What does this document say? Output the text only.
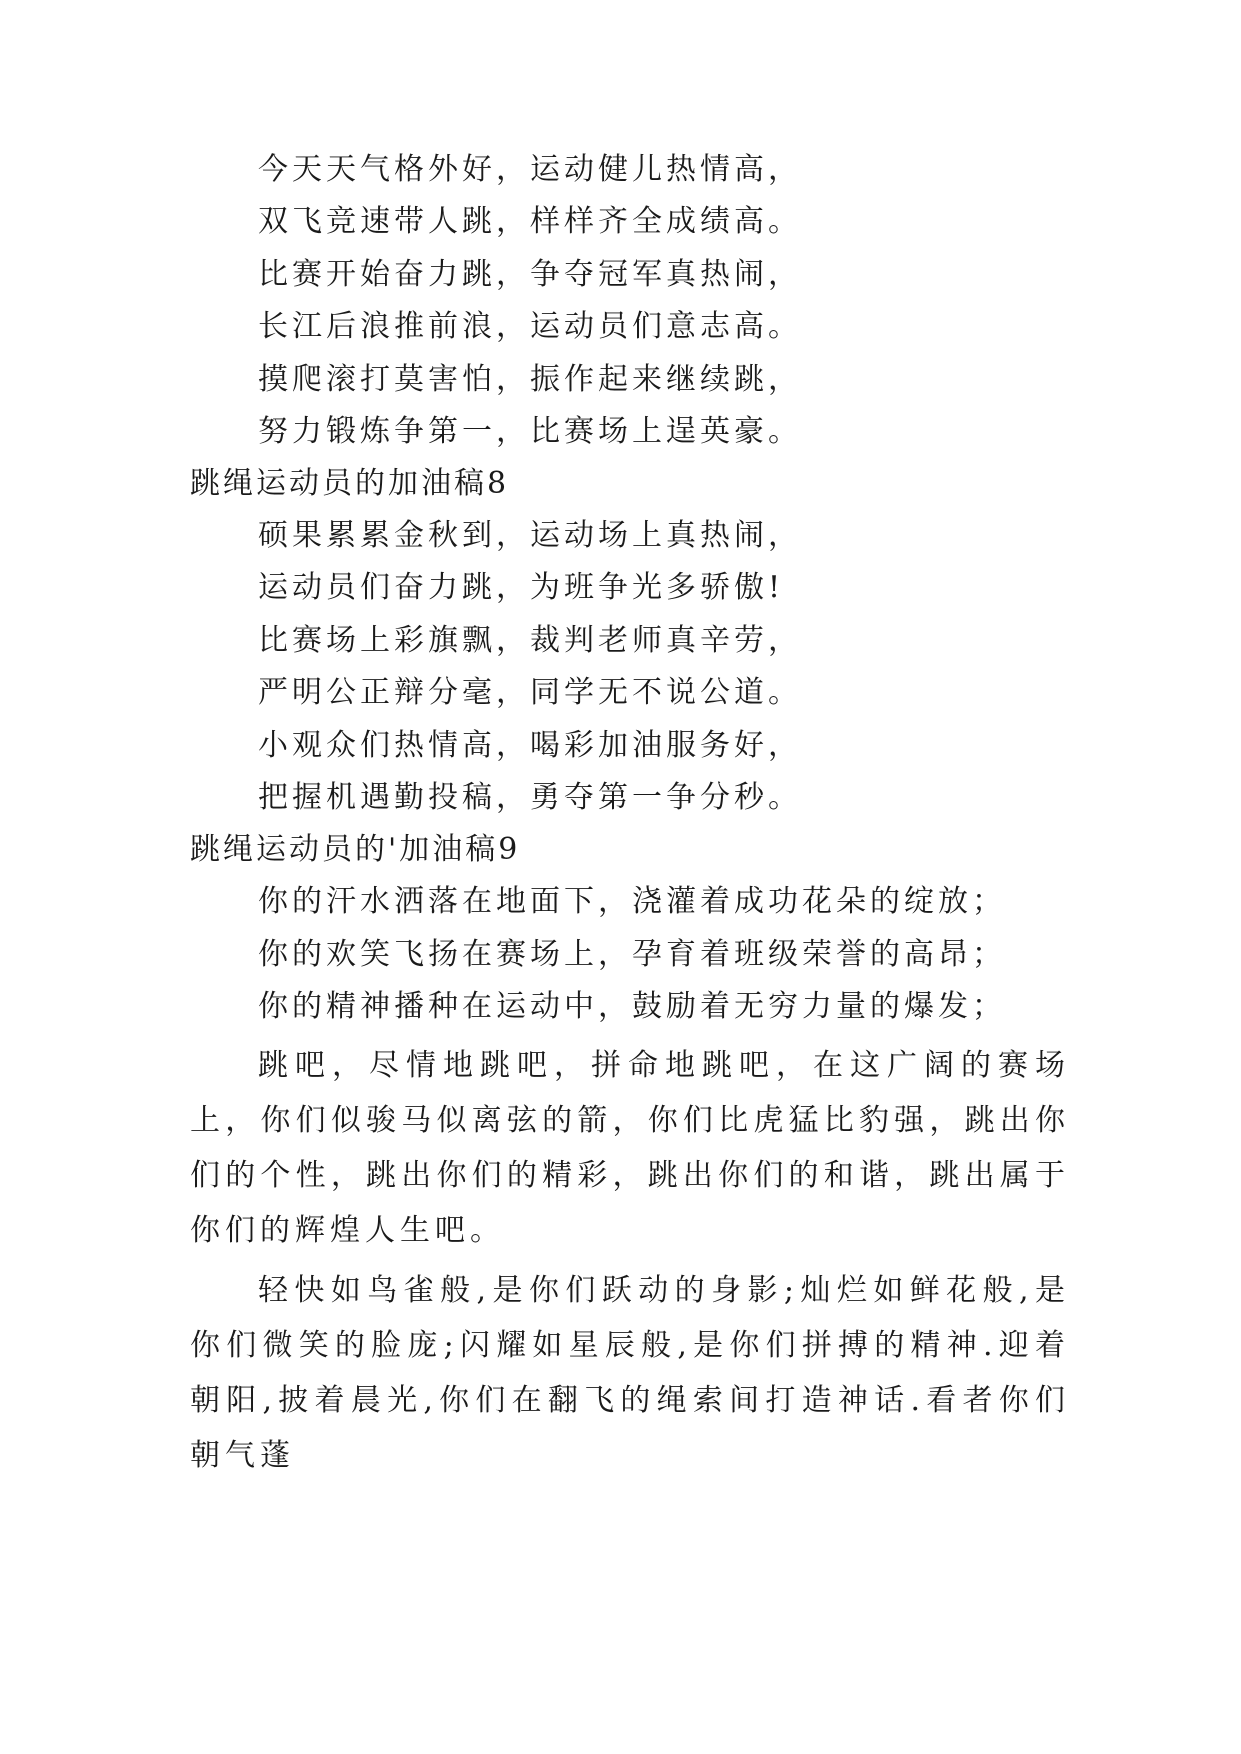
今天天气格外好，运动健儿热情高，
双飞竞速带人跳，样样齐全成绩高。
比赛开始奋力跳，争夺冠军真热闹，
长江后浪推前浪，运动员们意志高。
摸爬滚打莫害怕，振作起来继续跳，
努力锻炼争第一，比赛场上逞英豪。
跳绳运动员的加油稿8
硕果累累金秋到，运动场上真热闹，
运动员们奋力跳，为班争光多骄傲!
比赛场上彩旗飘，裁判老师真辛劳，
严明公正辩分毫，同学无不说公道。
小观众们热情高，喝彩加油服务好，
把握机遇勤投稿，勇夺第一争分秒。
跳绳运动员的'加油稿9
你的汗水洒落在地面下，浇灌着成功花朵的绽放；
你的欢笑飞扬在赛场上，孕育着班级荣誉的高昂；
你的精神播种在运动中，鼓励着无穷力量的爆发；
跳吧，尽情地跳吧，拼命地跳吧，在这广阔的赛场上，你们似骏马似离弦的箭，你们比虎猛比豹强，跳出你们的个性，跳出你们的精彩，跳出你们的和谐，跳出属于你们的辉煌人生吧。
轻快如鸟雀般,是你们跃动的身影;灿烂如鲜花般,是你们微笑的脸庞;闪耀如星辰般,是你们拼搏的精神.迎着朝阳,披着晨光,你们在翻飞的绳索间打造神话.看者你们朝气蓬
